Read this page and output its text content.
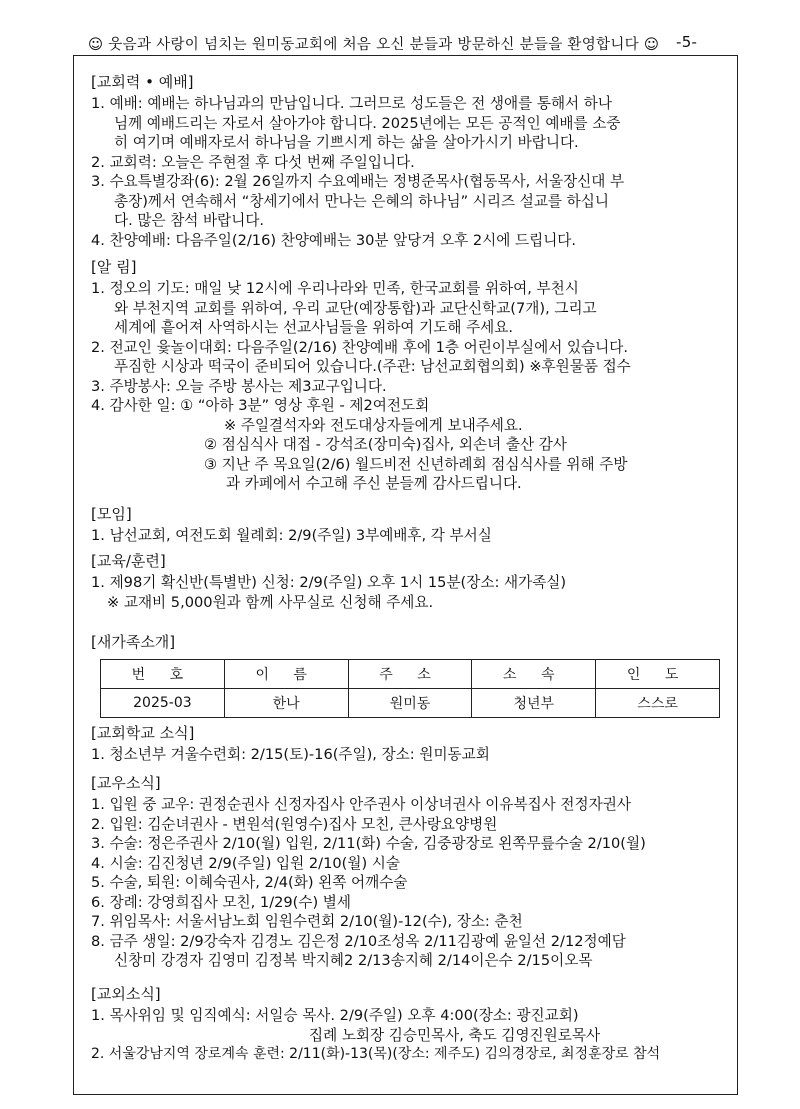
☺ 웃음과 사랑이 넘치는 원미동교회에 처음 오신 분들과 방문하신 분들을 환영합니다 ☺ -5-
[교회력 • 예배]
1. 예배: 예배는 하나님과의 만남입니다. 그러므로 성도들은 전 생애를 통해서 하나
님께 예배드리는 자로서 살아가야 합니다. 2025년에는 모든 공적인 예배를 소중
히 여기며 예배자로서 하나님을 기쁘시게 하는 삶을 살아가시기 바랍니다.
2. 교회력: 오늘은 주현절 후 다섯 번째 주일입니다.
3. 수요특별강좌(6): 2월 26일까지 수요예배는 정병준목사(협동목사, 서울장신대 부
총장)께서 연속해서 “창세기에서 만나는 은혜의 하나님” 시리즈 설교를 하십니
다. 많은 참석 바랍니다.
4. 찬양예배: 다음주일(2/16) 찬양예배는 30분 앞당겨 오후 2시에 드립니다.
[알 림]
1. 정오의 기도: 매일 낮 12시에 우리나라와 민족, 한국교회를 위하여, 부천시
와 부천지역 교회를 위하여, 우리 교단(예장통합)과 교단신학교(7개), 그리고
세계에 흩어져 사역하시는 선교사님들을 위하여 기도해 주세요.
2. 전교인 윷놀이대회: 다음주일(2/16) 찬양예배 후에 1층 어린이부실에서 있습니다.
푸짐한 시상과 떡국이 준비되어 있습니다.(주관: 남선교회협의회) ※후원물품 접수
3. 주방봉사: 오늘 주방 봉사는 제3교구입니다.
4. 감사한 일: ① “아하 3분” 영상 후원 - 제2여전도회
※ 주일결석자와 전도대상자들에게 보내주세요.
② 점심식사 대접 - 강석조(장미숙)집사, 외손녀 출산 감사
③ 지난 주 목요일(2/6) 월드비전 신년하례회 점심식사를 위해 주방
과 카페에서 수고해 주신 분들께 감사드립니다.
[모임]
1. 남선교회, 여전도회 월례회: 2/9(주일) 3부예배후, 각 부서실
[교육/훈련]
1. 제98기 확신반(특별반) 신청: 2/9(주일) 오후 1시 15분(장소: 새가족실)
※ 교재비 5,000원과 함께 사무실로 신청해 주세요.
[새가족소개]
번 호	이 름	주 소	소 속	인 도
2025-03	한나	원미동	청년부	스스로
[교회학교 소식]
1. 청소년부 겨울수련회: 2/15(토)-16(주일), 장소: 원미동교회
[교우소식]
1. 입원 중 교우: 권정순권사 신정자집사 안주권사 이상녀권사 이유복집사 전정자권사
2. 입원: 김순녀권사 - 변원석(원영수)집사 모친, 큰사랑요양병원
3. 수술: 정은주권사 2/10(월) 입원, 2/11(화) 수술, 김중광장로 왼쪽무릎수술 2/10(월)
4. 시술: 김진청년 2/9(주일) 입원 2/10(월) 시술
5. 수술, 퇴원: 이혜숙권사, 2/4(화) 왼쪽 어깨수술
6. 장례: 강영희집사 모친, 1/29(수) 별세
7. 위임목사: 서울서남노회 임원수련회 2/10(월)-12(수), 장소: 춘천
8. 금주 생일: 2/9강숙자 김경노 김은정 2/10조성옥 2/11김광예 윤일선 2/12정예담
신창미 강경자 김영미 김정복 박지혜2 2/13송지혜 2/14이은수 2/15이오목
[교외소식]
1. 목사위임 및 임직예식: 서일승 목사. 2/9(주일) 오후 4:00(장소: 광진교회)
집례 노회장 김승민목사, 축도 김영진원로목사
2. 서울강남지역 장로계속 훈련: 2/11(화)-13(목)(장소: 제주도) 김의경장로, 최정훈장로 참석
